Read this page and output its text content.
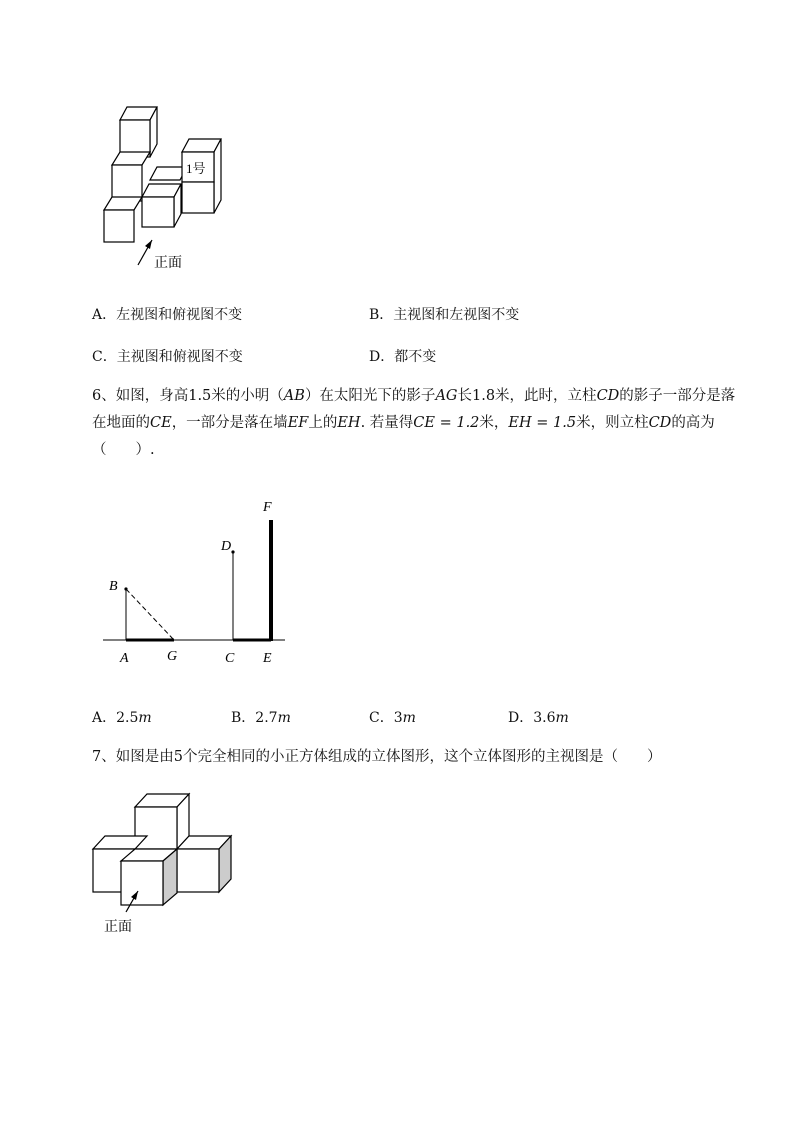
1号
正面
A．左视图和俯视图不变	B．主视图和左视图不变
C．主视图和俯视图不变	D．都不变
6、如图，身高1.5米的小明（AB）在太阳光下的影子AG长1.8米，此时，立柱CD的影子一部分是落在地面的CE，一部分是落在墙EF上的EH. 若量得CE = 1.2米，EH = 1.5米，则立柱CD的高为（　　）.
F
D
B
A	G	C E
A．2.5m	B．2.7m	C．3m	D．3.6m
7、如图是由5个完全相同的小正方体组成的立体图形，这个立体图形的主视图是（　　）
正面
